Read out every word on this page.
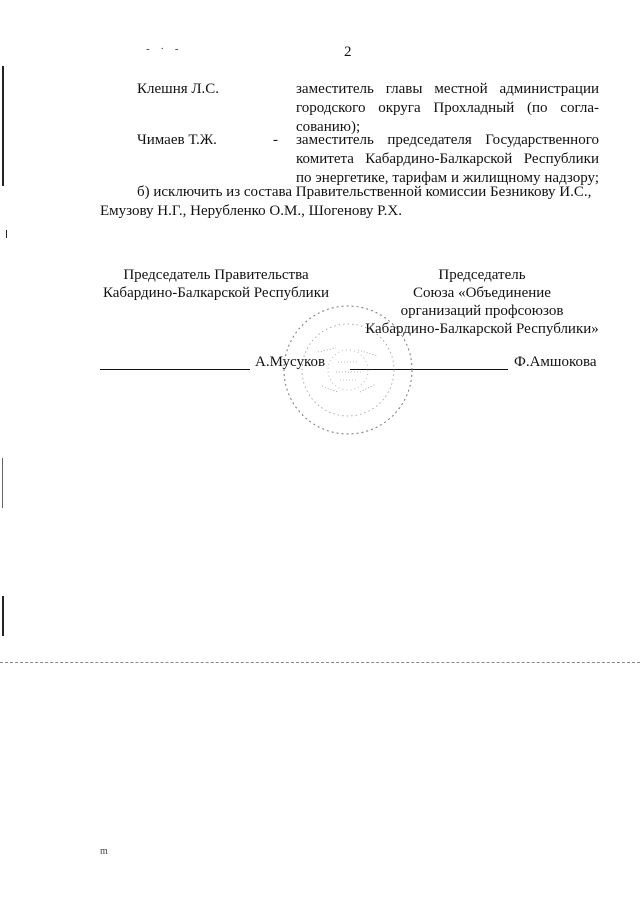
- · -	2
Клешня Л.С.	заместитель главы местной администрации
городского округа Прохладный (по согла-
сованию);
Чимаев Т.Ж.	- заместитель председателя Государственного
комитета Кабардино-Балкарской Республики
по энергетике, тарифам и жилищному надзору;
б) исключить из состава Правительственной комиссии Безникову И.С.,
Емузову Н.Г., Нерубленко О.М., Шогенову Р.Х.
Председатель Правительства
Кабардино-Балкарской Республики
Председатель
Союза «Объединение
организаций профсоюзов
Кабардино-Балкарской Республики»
А.Мусуков	Ф.Амшокова
m
